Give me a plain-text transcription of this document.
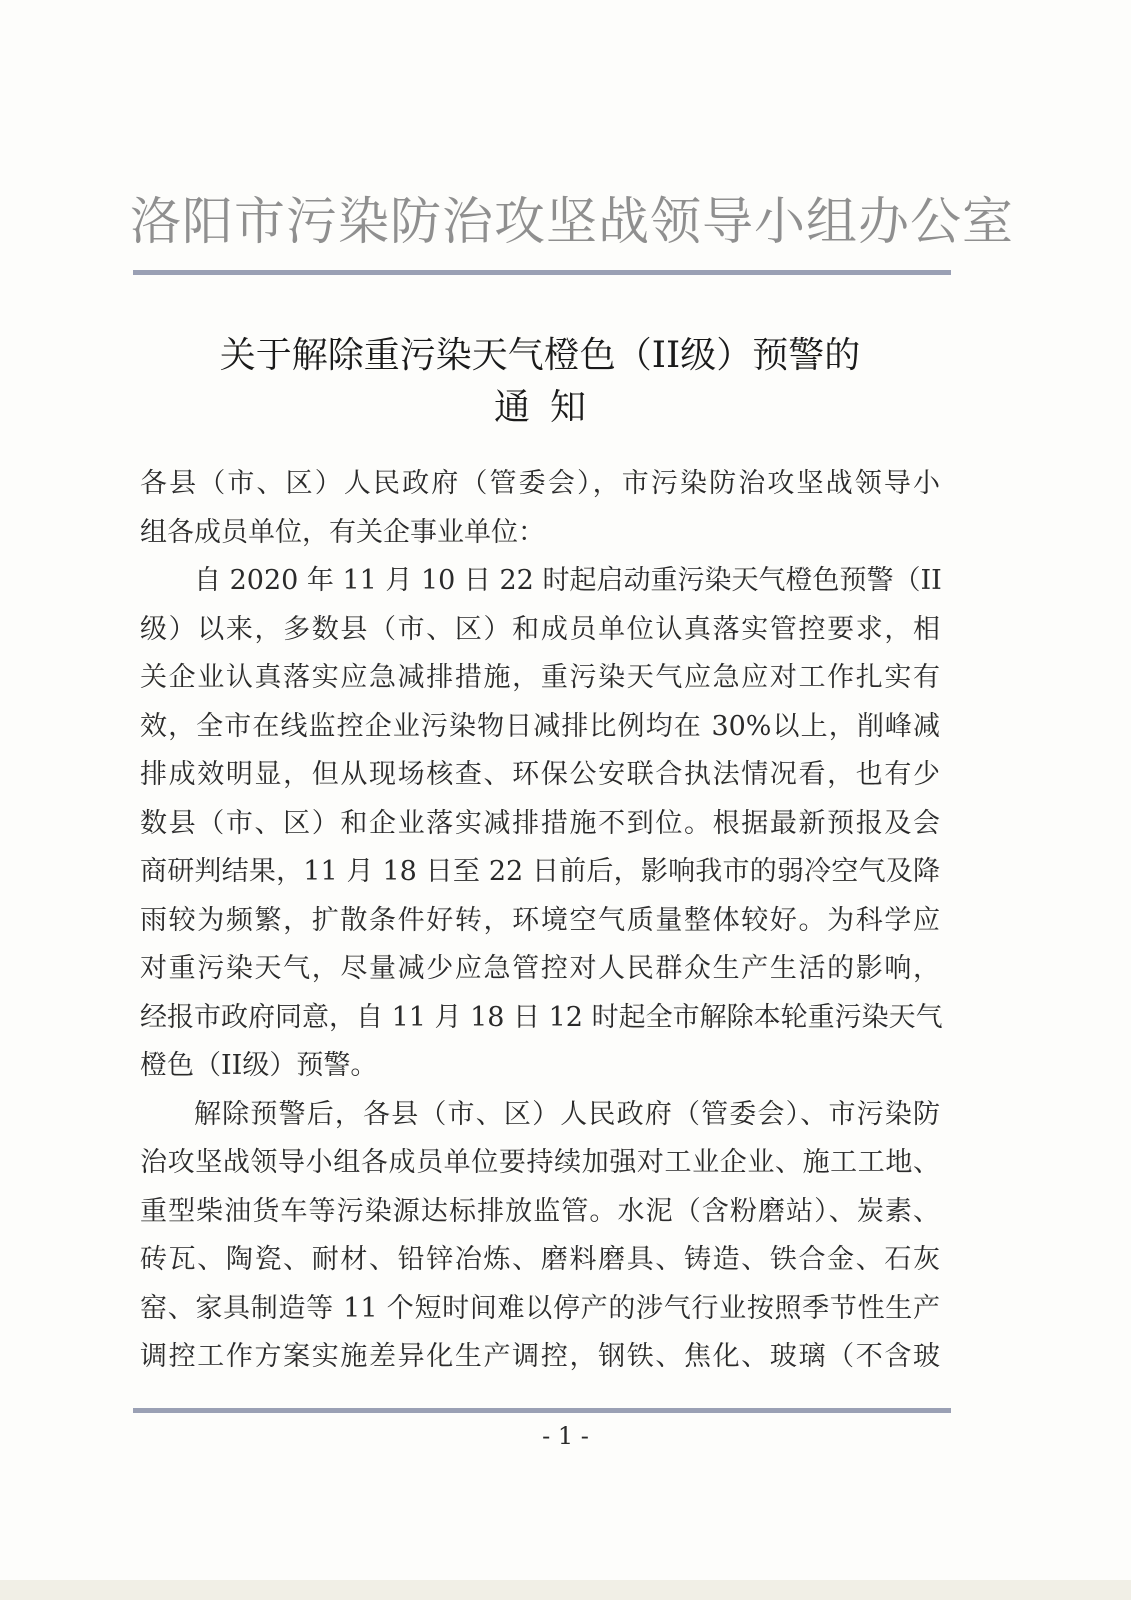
洛阳市污染防治攻坚战领导小组办公室
关于解除重污染天气橙色（II级）预警的
通知

各县（市、区）人民政府（管委会），市污染防治攻坚战领导小
组各成员单位，有关企事业单位：

自 2020 年 11 月 10 日 22 时起启动重污染天气橙色预警（II
级）以来，多数县（市、区）和成员单位认真落实管控要求，相
关企业认真落实应急减排措施，重污染天气应急应对工作扎实有
效，全市在线监控企业污染物日减排比例均在 30%以上，削峰减
排成效明显，但从现场核查、环保公安联合执法情况看，也有少
数县（市、区）和企业落实减排措施不到位。根据最新预报及会
商研判结果，11 月 18 日至 22 日前后，影响我市的弱冷空气及降
雨较为频繁，扩散条件好转，环境空气质量整体较好。为科学应
对重污染天气，尽量减少应急管控对人民群众生产生活的影响，
经报市政府同意，自 11 月 18 日 12 时起全市解除本轮重污染天气
橙色（II级）预警。

解除预警后，各县（市、区）人民政府（管委会）、市污染防
治攻坚战领导小组各成员单位要持续加强对工业企业、施工工地、
重型柴油货车等污染源达标排放监管。水泥（含粉磨站）、炭素、
砖瓦、陶瓷、耐材、铅锌冶炼、磨料磨具、铸造、铁合金、石灰
窑、家具制造等 11 个短时间难以停产的涉气行业按照季节性生产
调控工作方案实施差异化生产调控，钢铁、焦化、玻璃（不含玻

- 1 -
